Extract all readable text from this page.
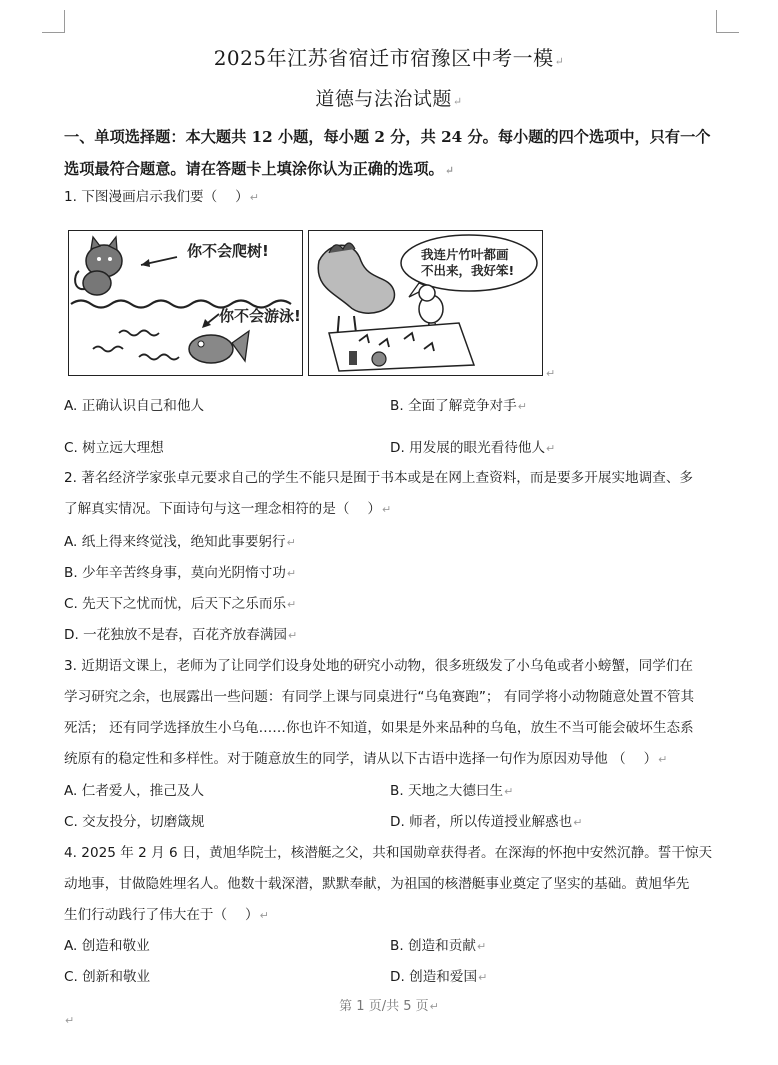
2025年江苏省宿迁市宿豫区中考一模↵
道德与法治试题↵
一、单项选择题：本大题共 12 小题，每小题 2 分，共 24 分。每小题的四个选项中，只有一个选项最符合题意。请在答题卡上填涂你认为正确的选项。↵
1. 下图漫画启示我们要（　 ）↵
你不会爬树!
你不会游泳!
我连片竹叶都画
不出来，我好笨!
↵
A. 正确认识自己和他人	B. 全面了解竞争对手↵
C. 树立远大理想	D. 用发展的眼光看待他人↵
2. 著名经济学家张卓元要求自己的学生不能只是囿于书本或是在网上查资料，而是要多开展实地调查、多
了解真实情况。下面诗句与这一理念相符的是（　 ）↵
A. 纸上得来终觉浅，绝知此事要躬行↵
B. 少年辛苦终身事，莫向光阴惰寸功↵
C. 先天下之忧而忧，后天下之乐而乐↵
D. 一花独放不是春，百花齐放春满园↵
3. 近期语文课上，老师为了让同学们设身处地的研究小动物，很多班级发了小乌龟或者小螃蟹，同学们在
学习研究之余，也展露出一些问题：有同学上课与同桌进行“乌龟赛跑”； 有同学将小动物随意处置不管其
死活； 还有同学选择放生小乌龟……你也许不知道，如果是外来品种的乌龟，放生不当可能会破坏生态系
统原有的稳定性和多样性。对于随意放生的同学，请从以下古语中选择一句作为原因劝导他 （　 ）↵
A. 仁者爱人，推己及人	B. 天地之大德曰生↵
C. 交友投分，切磨箴规	D. 师者，所以传道授业解惑也↵
4. 2025 年 2 月 6 日，黄旭华院士，核潜艇之父，共和国勋章获得者。在深海的怀抱中安然沉静。誓干惊天
动地事，甘做隐姓埋名人。他数十载深潜，默默奉献，为祖国的核潜艇事业奠定了坚实的基础。黄旭华先
生们行动践行了伟大在于（　 ）↵
A. 创造和敬业	B. 创造和贡献↵
C. 创新和敬业	D. 创造和爱国↵
第 1 页/共 5 页↵
↵
